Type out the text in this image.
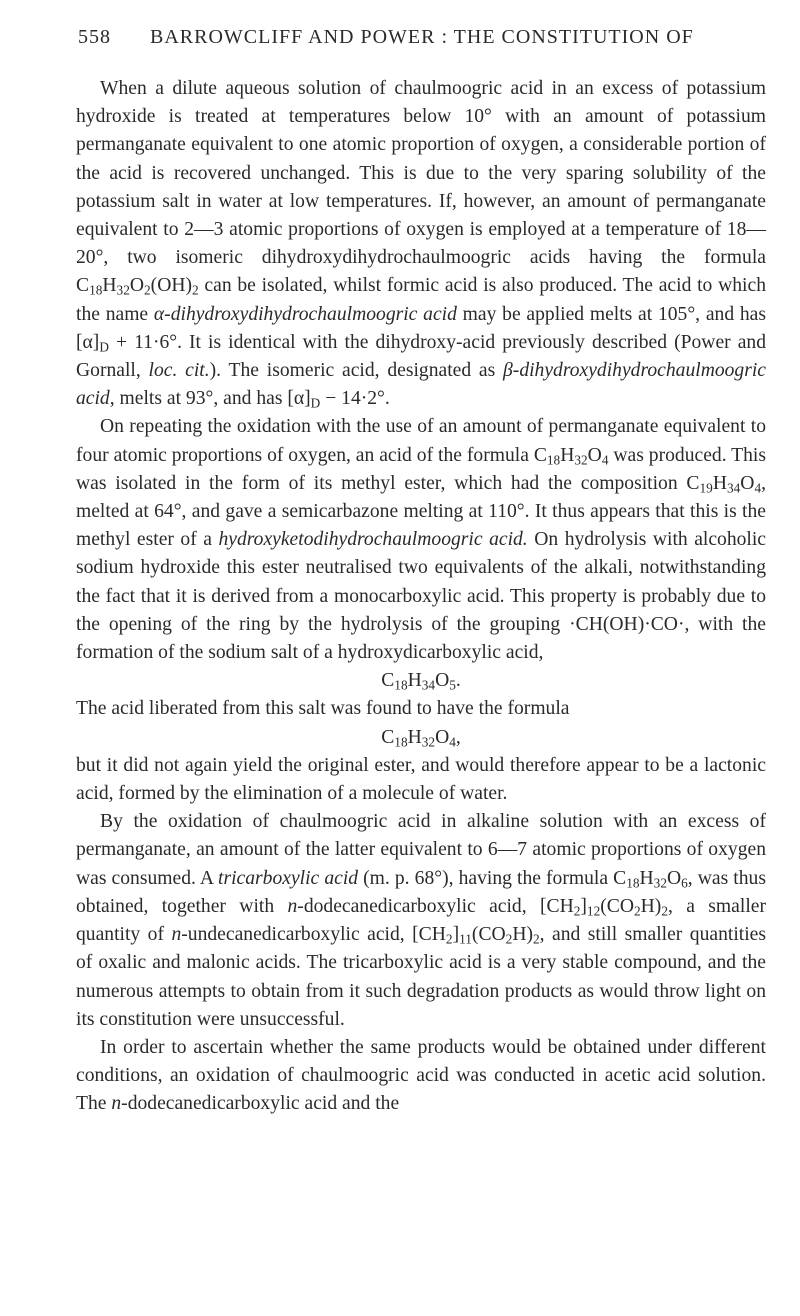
558 BARROWCLIFF AND POWER : THE CONSTITUTION OF

When a dilute aqueous solution of chaulmoogric acid in an excess of potassium hydroxide is treated at temperatures below 10° with an amount of potassium permanganate equivalent to one atomic proportion of oxygen, a considerable portion of the acid is recovered unchanged. This is due to the very sparing solubility of the potassium salt in water at low temperatures. If, however, an amount of permanganate equivalent to 2—3 atomic proportions of oxygen is employed at a temperature of 18—20°, two isomeric dihydroxydihydrochaulmoogric acids having the formula $C_{18}H_{32}O_2(OH)_2$ can be isolated, whilst formic acid is also produced. The acid to which the name α-dihydroxydihydrochaulmoogric acid may be applied melts at 105°, and has $[\alpha]_D + 11\cdot 6^\circ$. It is identical with the dihydroxy-acid previously described (Power and Gornall, loc. cit.). The isomeric acid, designated as β-dihydroxydihydrochaulmoogric acid, melts at 93°, and has $[\alpha]_D - 14\cdot 2^\circ$.

On repeating the oxidation with the use of an amount of permanganate equivalent to four atomic proportions of oxygen, an acid of the formula $C_{18}H_{32}O_4$ was produced. This was isolated in the form of its methyl ester, which had the composition $C_{19}H_{34}O_4$, melted at 64°, and gave a semicarbazone melting at 110°. It thus appears that this is the methyl ester of a hydroxyketodihydrochaulmoogric acid. On hydrolysis with alcoholic sodium hydroxide this ester neutralised two equivalents of the alkali, notwithstanding the fact that it is derived from a monocarboxylic acid. This property is probably due to the opening of the ring by the hydrolysis of the grouping ·CH(OH)·CO·, with the formation of the sodium salt of a hydroxydicarboxylic acid,

$C_{18}H_{34}O_5$.

The acid liberated from this salt was found to have the formula

$C_{18}H_{32}O_4$,

but it did not again yield the original ester, and would therefore appear to be a lactonic acid, formed by the elimination of a molecule of water.

By the oxidation of chaulmoogric acid in alkaline solution with an excess of permanganate, an amount of the latter equivalent to 6—7 atomic proportions of oxygen was consumed. A tricarboxylic acid (m. p. 68°), having the formula $C_{18}H_{32}O_6$, was thus obtained, together with n-dodecanedicarboxylic acid, $[CH_2]_{12}(CO_2H)_2$, a smaller quantity of n-undecanedicarboxylic acid, $[CH_2]_{11}(CO_2H)_2$, and still smaller quantities of oxalic and malonic acids. The tricarboxylic acid is a very stable compound, and the numerous attempts to obtain from it such degradation products as would throw light on its constitution were unsuccessful.

In order to ascertain whether the same products would be obtained under different conditions, an oxidation of chaulmoogric acid was conducted in acetic acid solution. The n-dodecanedicarboxylic acid and the
